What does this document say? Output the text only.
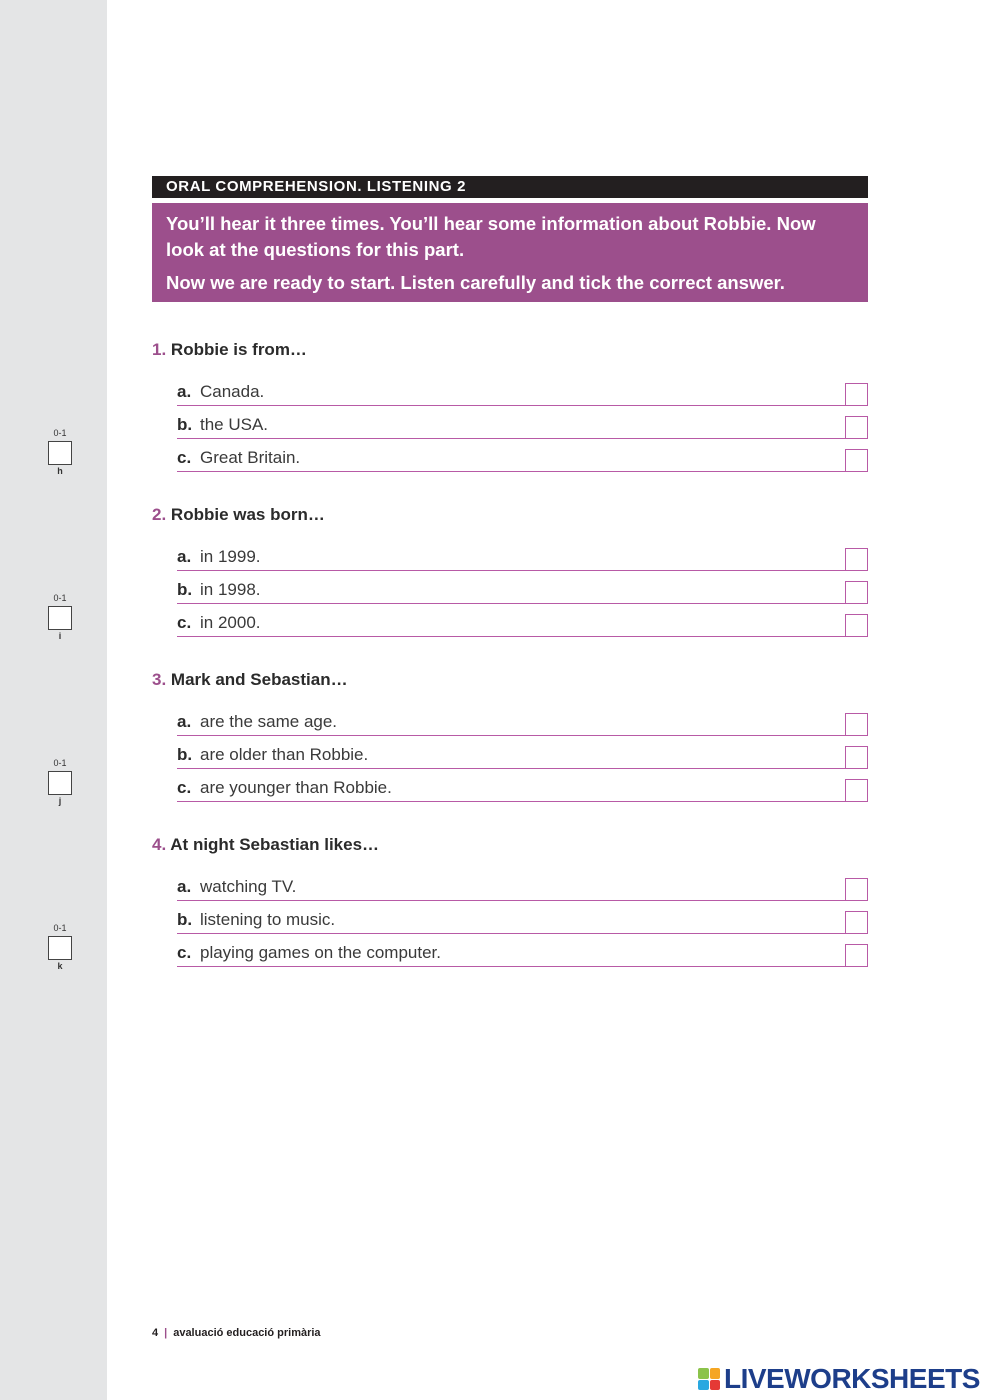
0-1
h
0-1
i
0-1
j
0-1
k
ORAL COMPREHENSION. LISTENING 2
You’ll hear it three times. You’ll hear some information about Robbie. Now look at the questions for this part.
Now we are ready to start. Listen carefully and tick the correct answer.
1. Robbie is from…
a. Canada.
b. the USA.
c. Great Britain.
2. Robbie was born…
a. in 1999.
b. in 1998.
c. in 2000.
3. Mark and Sebastian…
a. are the same age.
b. are older than Robbie.
c. are younger than Robbie.
4. At night Sebastian likes…
a. watching TV.
b. listening to music.
c. playing games on the computer.
4 | avaluació educació primària
LIVEWORKSHEETS
